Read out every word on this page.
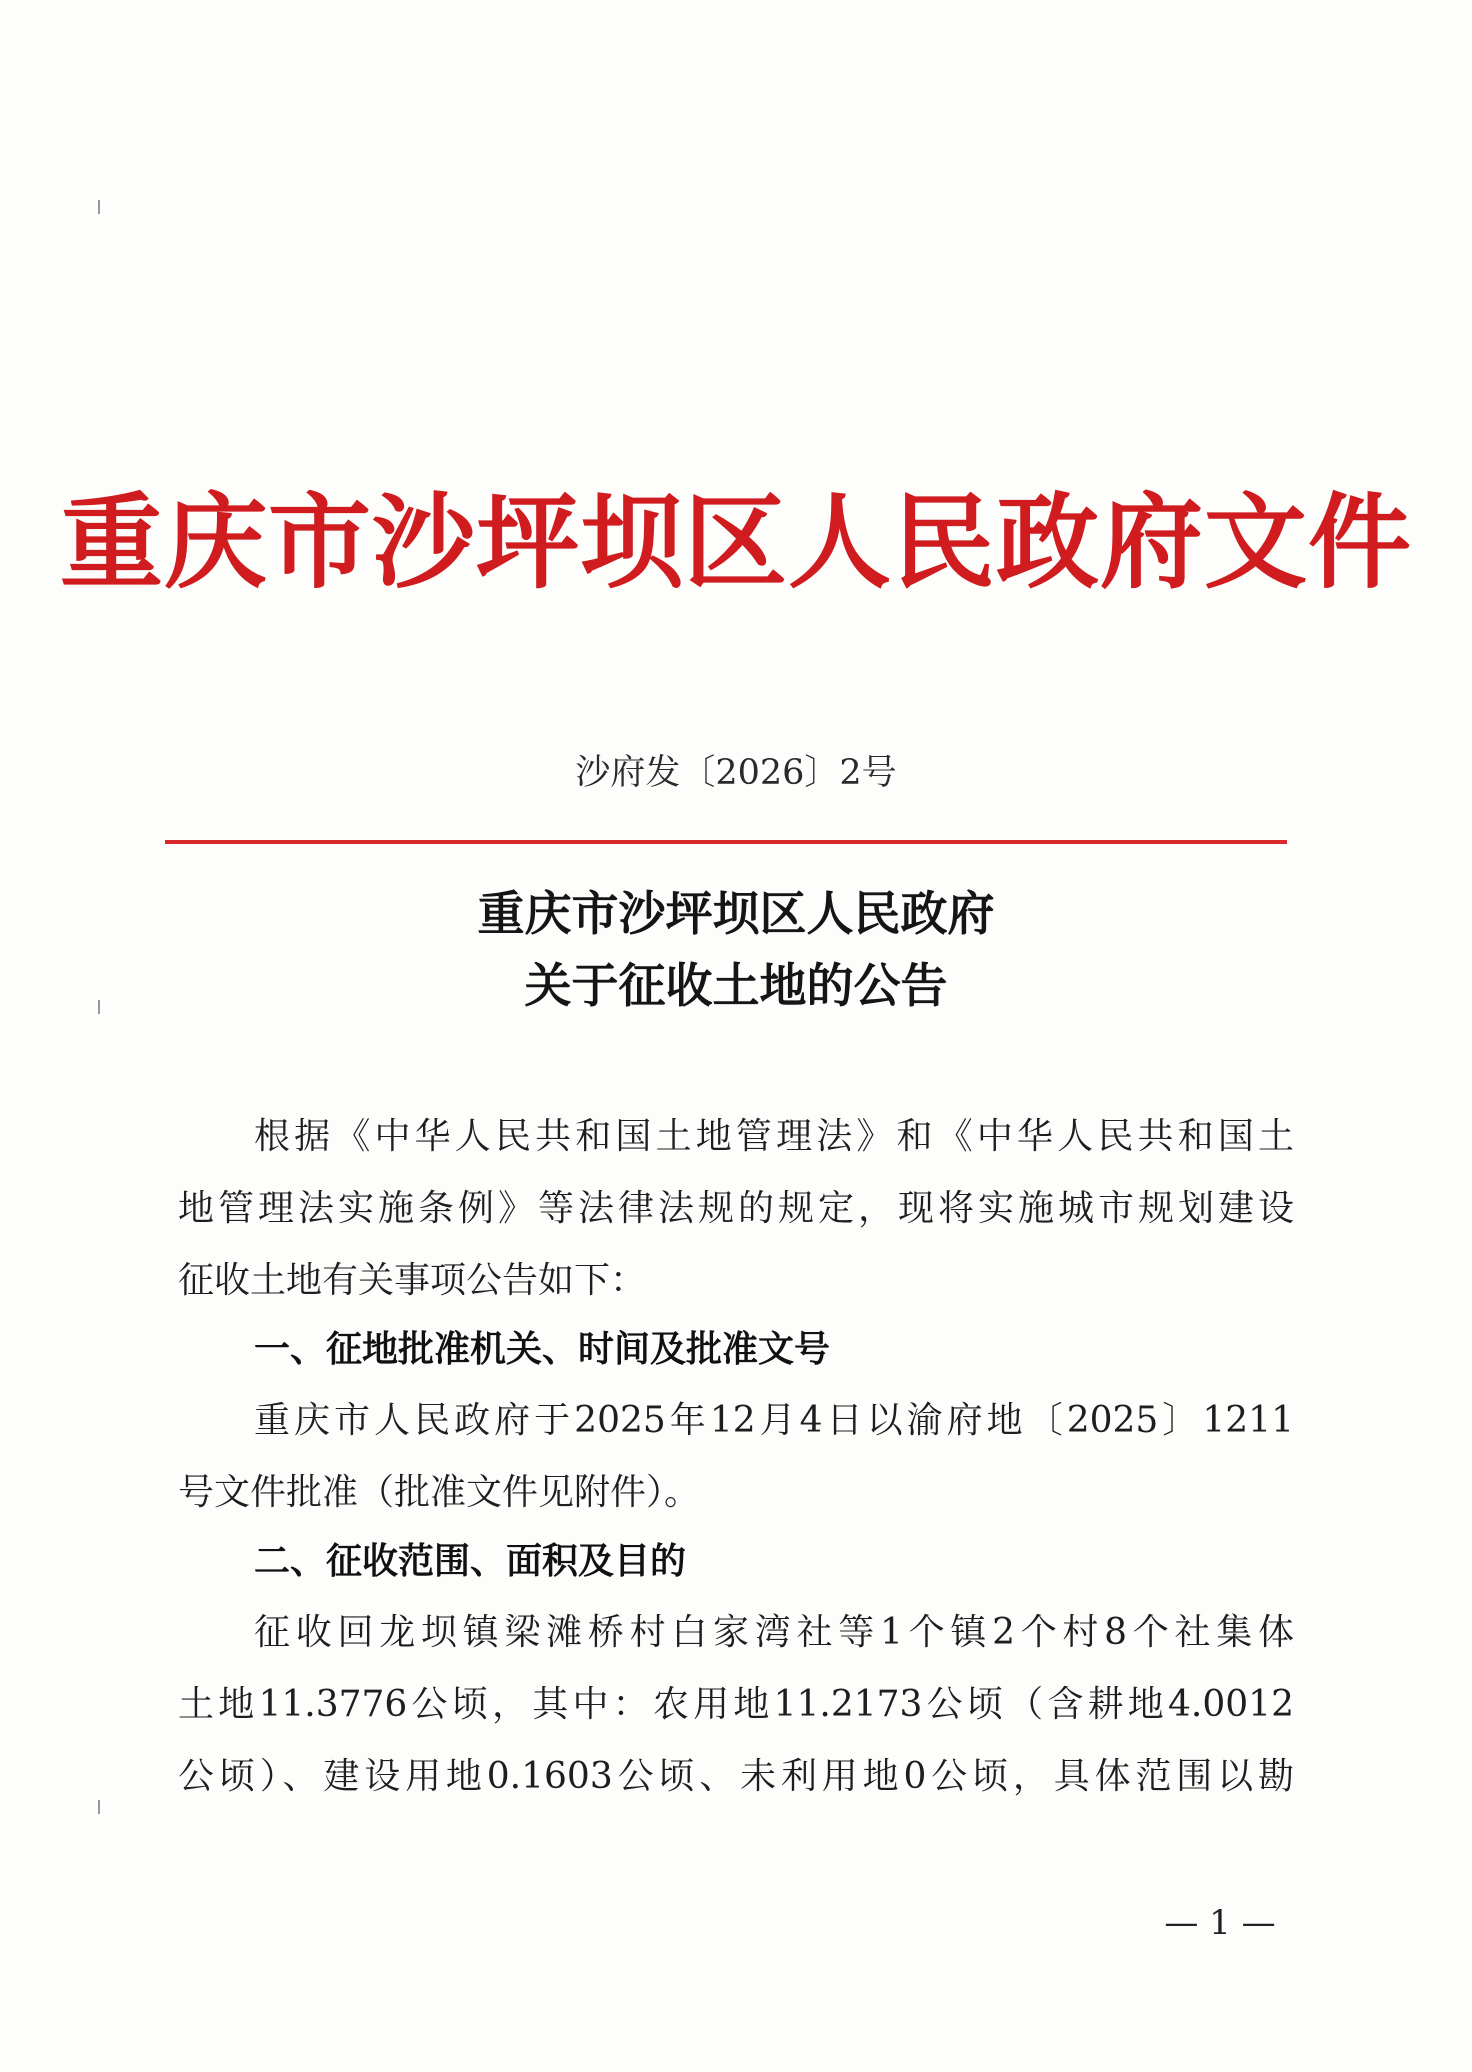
重庆市沙坪坝区人民政府文件
沙府发〔2026〕2号
重庆市沙坪坝区人民政府
关于征收土地的公告
根据《中华人民共和国土地管理法》和《中华人民共和国土
地管理法实施条例》等法律法规的规定，现将实施城市规划建设
征收土地有关事项公告如下：
一、征地批准机关、时间及批准文号
重庆市人民政府于2025年12月4日以渝府地〔2025〕1211
号文件批准（批准文件见附件）。
二、征收范围、面积及目的
征收回龙坝镇梁滩桥村白家湾社等1个镇2个村8个社集体
土地11.3776公顷，其中：农用地11.2173公顷（含耕地4.0012
公顷）、建设用地0.1603公顷、未利用地0公顷，具体范围以勘
— 1 —
